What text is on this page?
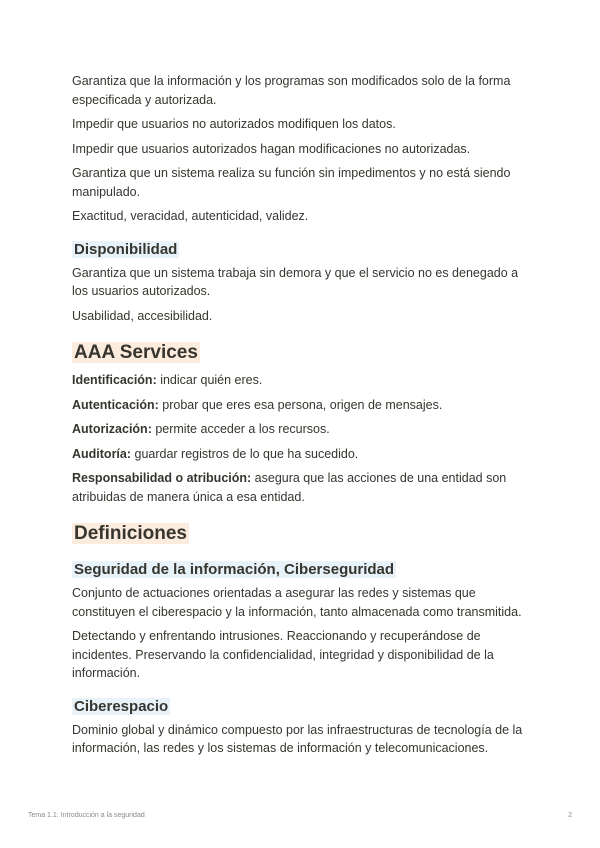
Garantiza que la información y los programas son modificados solo de la forma especificada y autorizada.

Impedir que usuarios no autorizados modifiquen los datos.

Impedir que usuarios autorizados hagan modificaciones no autorizadas.

Garantiza que un sistema realiza su función sin impedimentos y no está siendo manipulado.

Exactitud, veracidad, autenticidad, validez.

Disponibilidad

Garantiza que un sistema trabaja sin demora y que el servicio no es denegado a los usuarios autorizados.

Usabilidad, accesibilidad.

AAA Services

Identificación: indicar quién eres.

Autenticación: probar que eres esa persona, origen de mensajes.

Autorización: permite acceder a los recursos.

Auditoría: guardar registros de lo que ha sucedido.

Responsabilidad o atribución: asegura que las acciones de una entidad son atribuidas de manera única a esa entidad.

Definiciones
Seguridad de la información, Ciberseguridad

Conjunto de actuaciones orientadas a asegurar las redes y sistemas que constituyen el ciberespacio y la información, tanto almacenada como transmitida.

Detectando y enfrentando intrusiones. Reaccionando y recuperándose de incidentes. Preservando la confidencialidad, integridad y disponibilidad de la información.

Ciberespacio

Dominio global y dinámico compuesto por las infraestructuras de tecnología de la información, las redes y los sistemas de información y telecomunicaciones.

Tema 1.1: Introducción a la seguridad	2
